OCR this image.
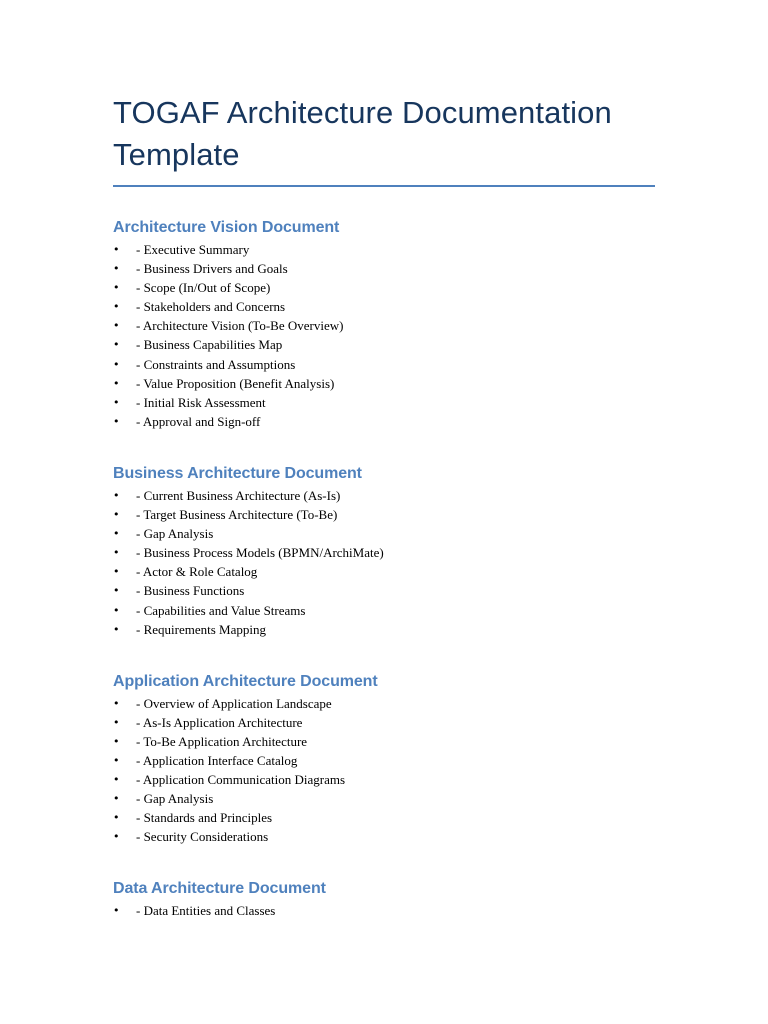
TOGAF Architecture Documentation Template
Architecture Vision Document
• - Executive Summary
• - Business Drivers and Goals
• - Scope (In/Out of Scope)
• - Stakeholders and Concerns
• - Architecture Vision (To-Be Overview)
• - Business Capabilities Map
• - Constraints and Assumptions
• - Value Proposition (Benefit Analysis)
• - Initial Risk Assessment
• - Approval and Sign-off
Business Architecture Document
• - Current Business Architecture (As-Is)
• - Target Business Architecture (To-Be)
• - Gap Analysis
• - Business Process Models (BPMN/ArchiMate)
• - Actor & Role Catalog
• - Business Functions
• - Capabilities and Value Streams
• - Requirements Mapping
Application Architecture Document
• - Overview of Application Landscape
• - As-Is Application Architecture
• - To-Be Application Architecture
• - Application Interface Catalog
• - Application Communication Diagrams
• - Gap Analysis
• - Standards and Principles
• - Security Considerations
Data Architecture Document
• - Data Entities and Classes
